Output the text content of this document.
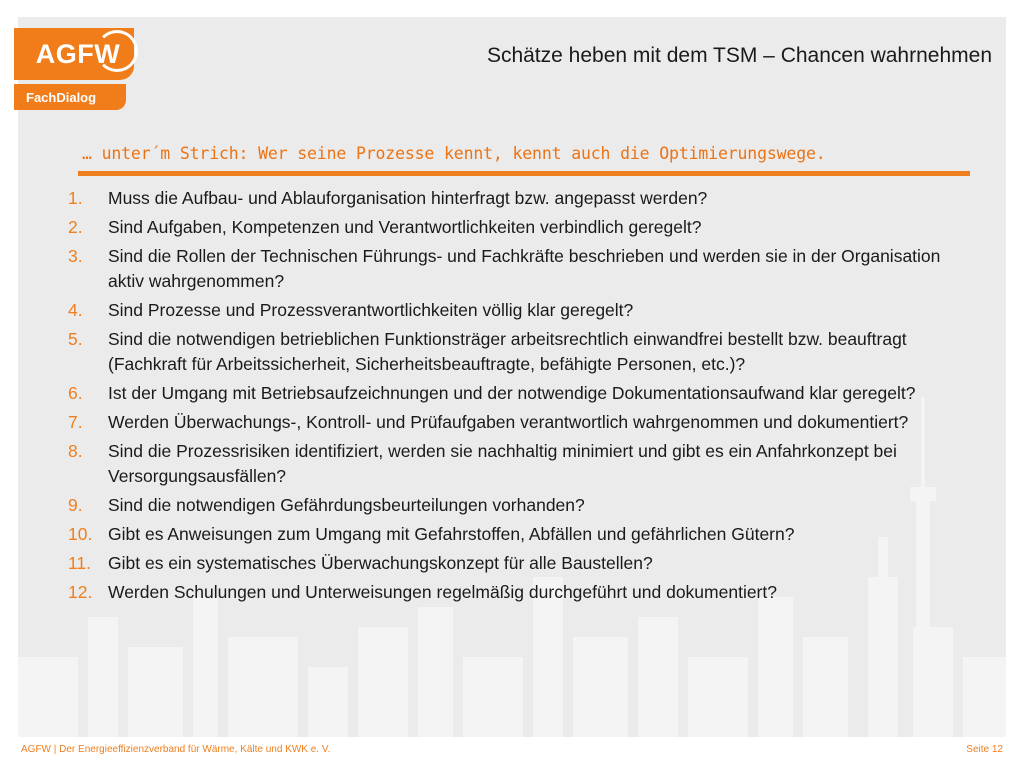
AGFW
FachDialog
Schätze heben mit dem TSM – Chancen wahrnehmen
… unter´m Strich: Wer seine Prozesse kennt, kennt auch die Optimierungswege.
1.	Muss die Aufbau- und Ablauforganisation hinterfragt bzw. angepasst werden?
2.	Sind Aufgaben, Kompetenzen und Verantwortlichkeiten verbindlich geregelt?
3.	Sind die Rollen der Technischen Führungs- und Fachkräfte beschrieben und werden sie in der Organisation aktiv wahrgenommen?
4.	Sind Prozesse und Prozessverantwortlichkeiten völlig klar geregelt?
5.	Sind die notwendigen betrieblichen Funktionsträger arbeitsrechtlich einwandfrei bestellt bzw. beauftragt (Fachkraft für Arbeitssicherheit, Sicherheitsbeauftragte, befähigte Personen, etc.)?
6.	Ist der Umgang mit Betriebsaufzeichnungen und der notwendige Dokumentationsaufwand klar geregelt?
7.	Werden Überwachungs-, Kontroll- und Prüfaufgaben verantwortlich wahrgenommen und dokumentiert?
8.	Sind die Prozessrisiken identifiziert, werden sie nachhaltig minimiert und gibt es ein Anfahrkonzept bei Versorgungsausfällen?
9.	Sind die notwendigen Gefährdungsbeurteilungen vorhanden?
10. Gibt es Anweisungen zum Umgang mit Gefahrstoffen, Abfällen und gefährlichen Gütern?
11. Gibt es ein systematisches Überwachungskonzept für alle Baustellen?
12. Werden Schulungen und Unterweisungen regelmäßig durchgeführt und dokumentiert?
AGFW | Der Energieeffizienzverband für Wärme, Kälte und KWK e. V.	Seite 12
